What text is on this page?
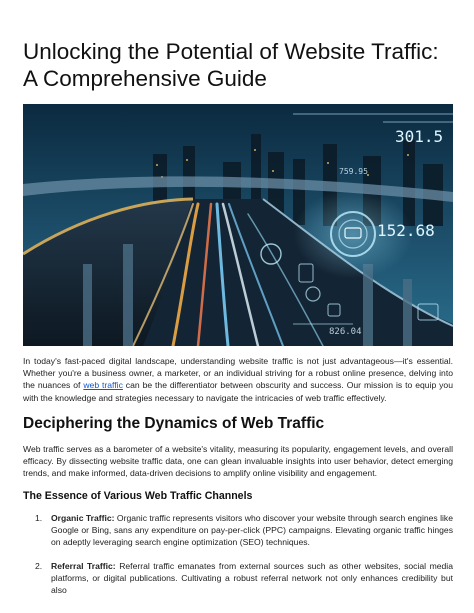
Unlocking the Potential of Website Traffic: A Comprehensive Guide
301.5
152.68
759.95
826.04

In today's fast-paced digital landscape, understanding website traffic is not just advantageous—it's essential. Whether you're a business owner, a marketer, or an individual striving for a robust online presence, delving into the nuances of web traffic can be the differentiator between obscurity and success. Our mission is to equip you with the knowledge and strategies necessary to navigate the intricacies of web traffic effectively.

Deciphering the Dynamics of Web Traffic

Web traffic serves as a barometer of a website's vitality, measuring its popularity, engagement levels, and overall efficacy. By dissecting website traffic data, one can glean invaluable insights into user behavior, detect emerging trends, and make informed, data-driven decisions to amplify online visibility and engagement.

The Essence of Various Web Traffic Channels
1. Organic Traffic: Organic traffic represents visitors who discover your website through search engines like Google or Bing, sans any expenditure on pay-per-click (PPC) campaigns. Elevating organic traffic hinges on adeptly leveraging search engine optimization (SEO) techniques.
2. Referral Traffic: Referral traffic emanates from external sources such as other websites, social media platforms, or digital publications. Cultivating a robust referral network not only enhances credibility but also
